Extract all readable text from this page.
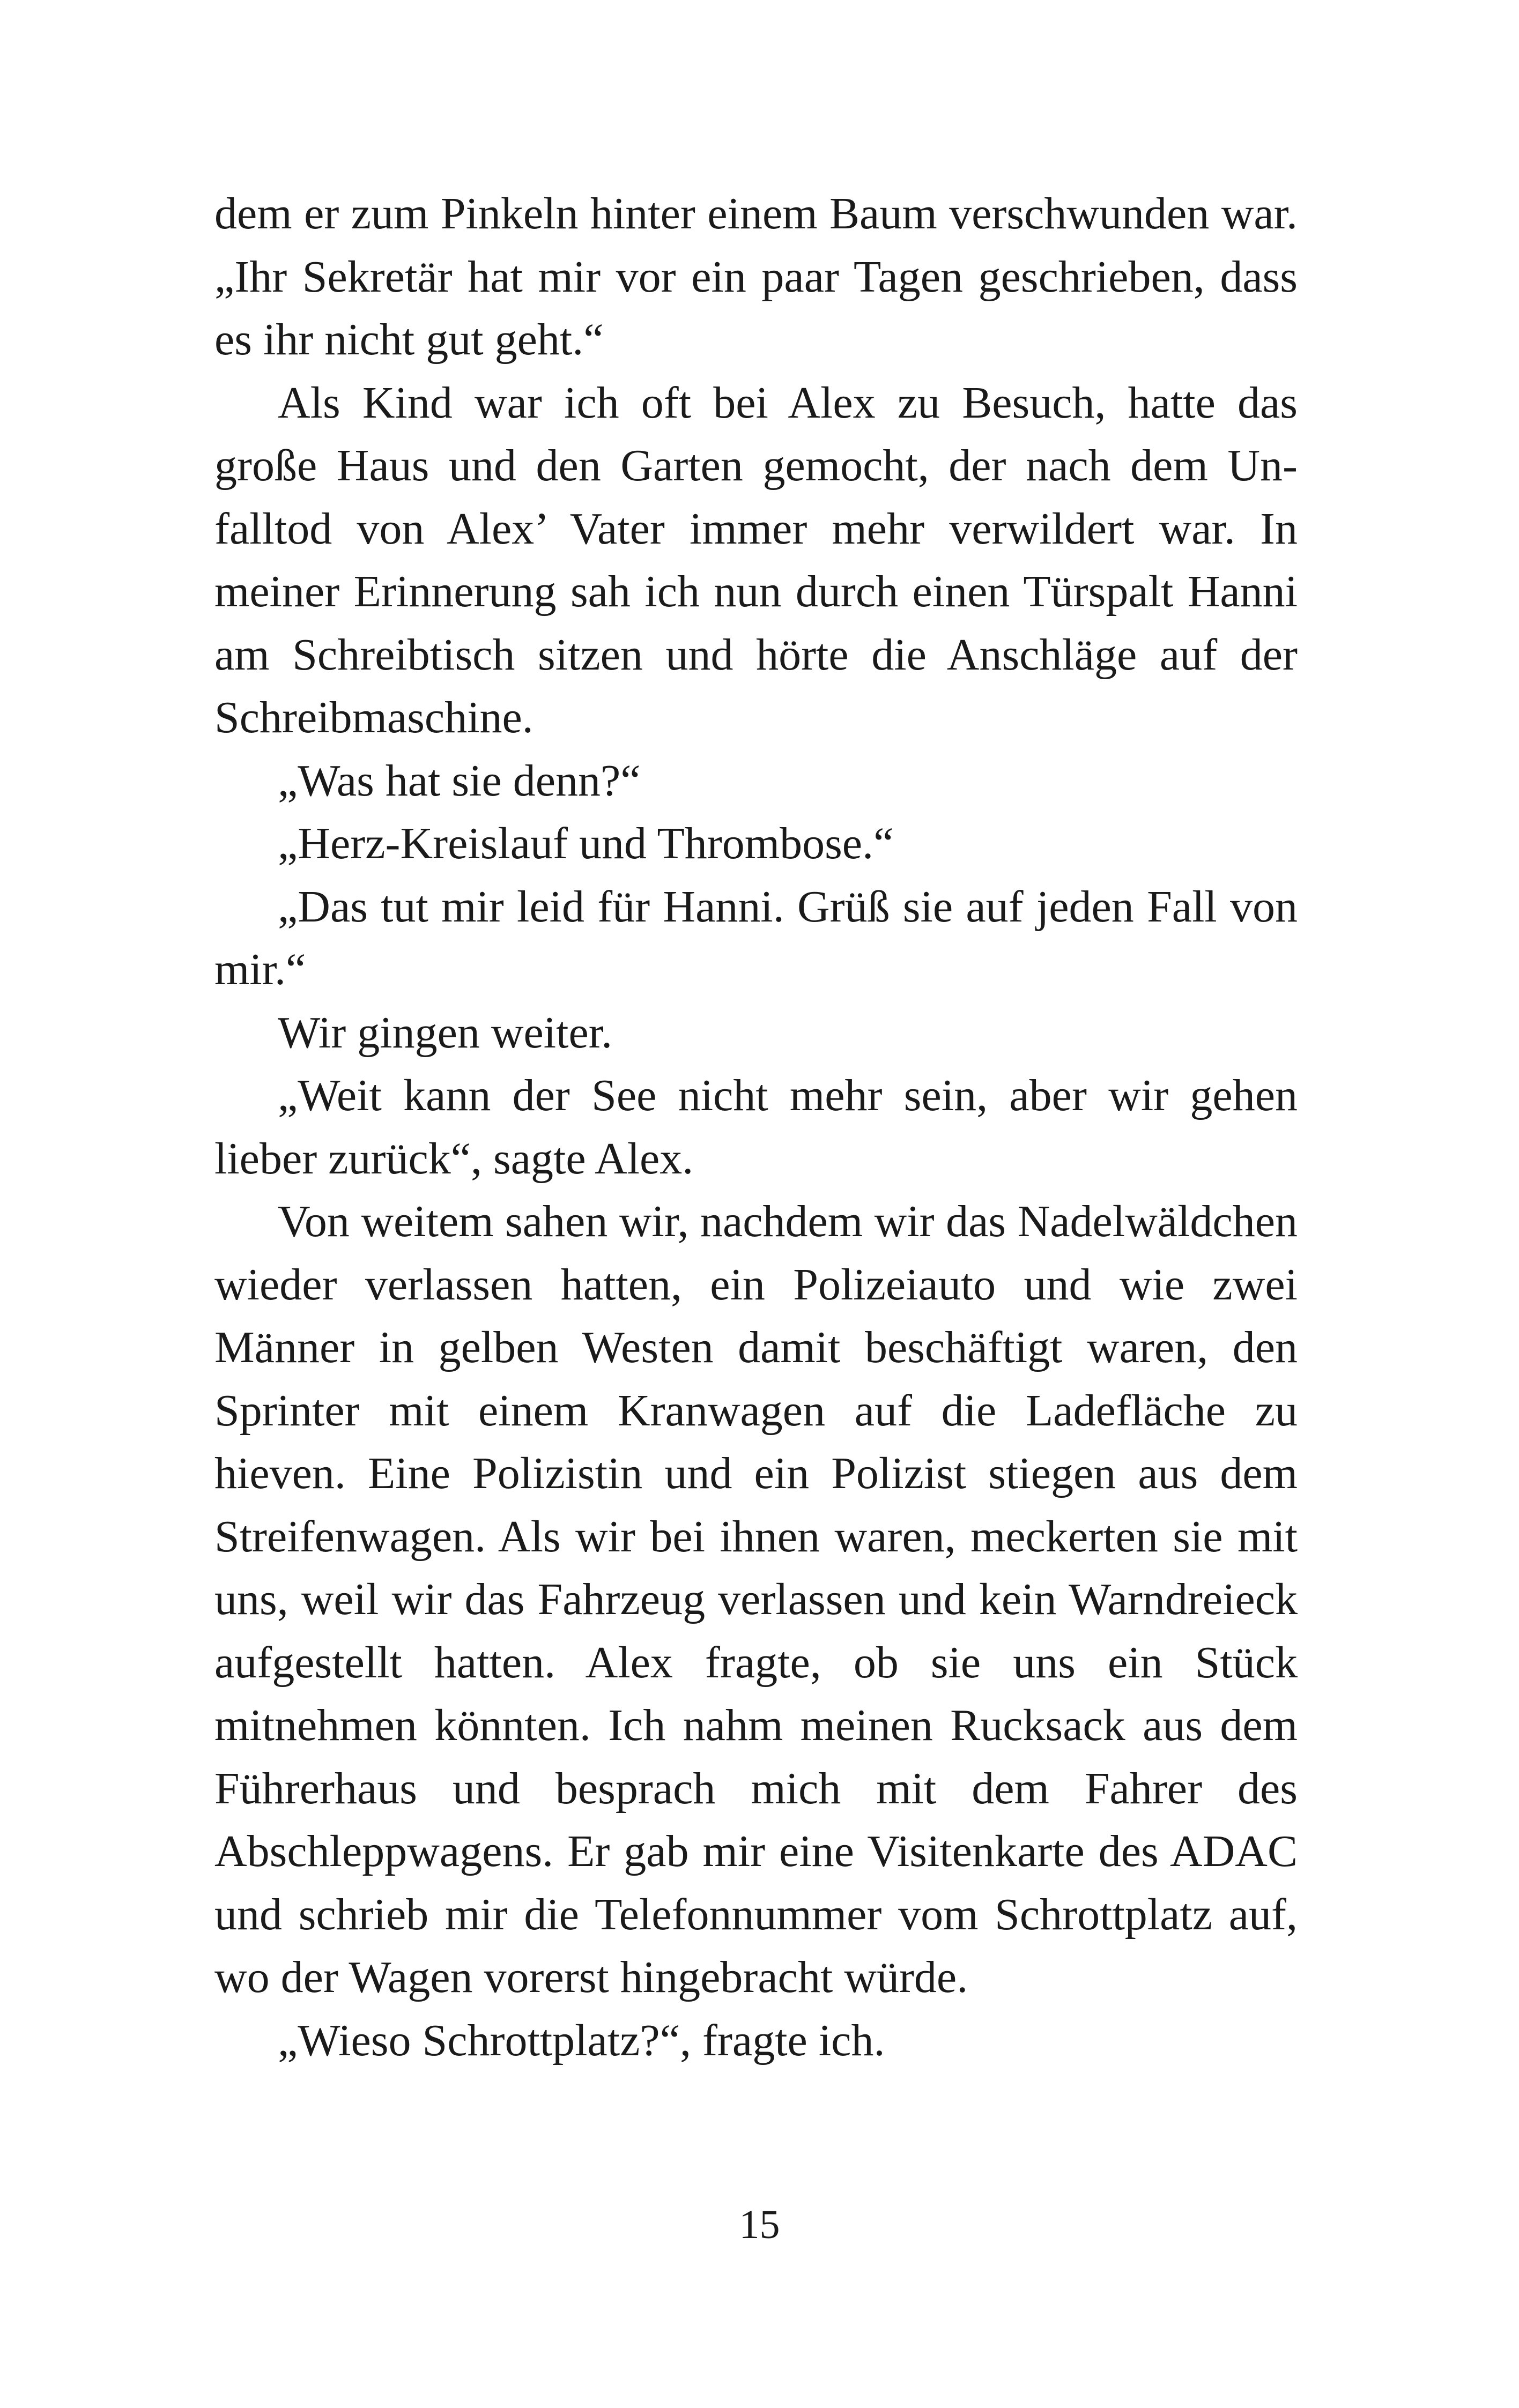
dem er zum Pinkeln hinter einem Baum verschwunden war. „Ihr Sekretär hat mir vor ein paar Tagen geschrieben, dass es ihr nicht gut geht.“

Als Kind war ich oft bei Alex zu Besuch, hatte das große Haus und den Garten gemocht, der nach dem Unfalltod von Alex’ Vater immer mehr verwildert war. In meiner Erinnerung sah ich nun durch einen Türspalt Hanni am Schreibtisch sitzen und hörte die Anschläge auf der Schreibmaschine.

„Was hat sie denn?“

„Herz-Kreislauf und Thrombose.“

„Das tut mir leid für Hanni. Grüß sie auf jeden Fall von mir.“

Wir gingen weiter.

„Weit kann der See nicht mehr sein, aber wir gehen lieber zurück“, sagte Alex.

Von weitem sahen wir, nachdem wir das Nadelwäldchen wieder verlassen hatten, ein Polizeiauto und wie zwei Männer in gelben Westen damit beschäftigt waren, den Sprinter mit einem Kranwagen auf die Ladefläche zu hieven. Eine Polizistin und ein Polizist stiegen aus dem Streifenwagen. Als wir bei ihnen waren, meckerten sie mit uns, weil wir das Fahrzeug verlassen und kein Warndreieck aufgestellt hatten. Alex fragte, ob sie uns ein Stück mitnehmen könnten. Ich nahm meinen Rucksack aus dem Führerhaus und besprach mich mit dem Fahrer des Abschleppwagens. Er gab mir eine Visitenkarte des ADAC und schrieb mir die Telefonnummer vom Schrottplatz auf, wo der Wagen vorerst hingebracht würde.

„Wieso Schrottplatz?“, fragte ich.

15
